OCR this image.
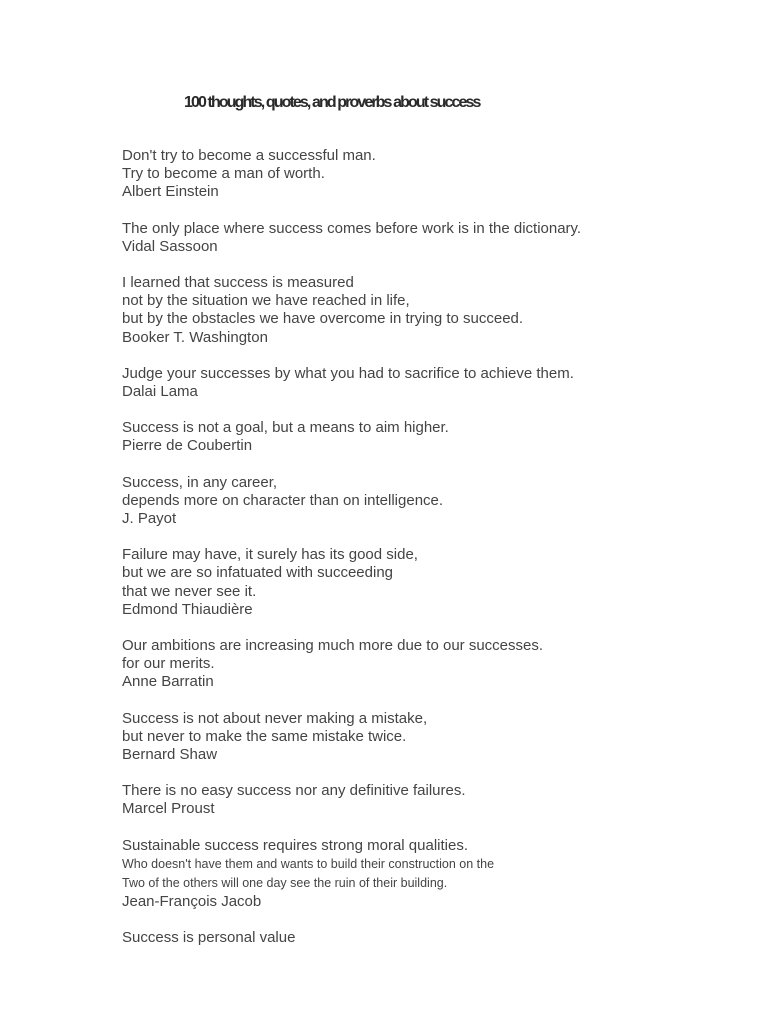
100 thoughts, quotes, and proverbs about success
Don't try to become a successful man.
Try to become a man of worth.
Albert Einstein
The only place where success comes before work is in the dictionary.
Vidal Sassoon
I learned that success is measured
not by the situation we have reached in life,
but by the obstacles we have overcome in trying to succeed.
Booker T. Washington
Judge your successes by what you had to sacrifice to achieve them.
Dalai Lama
Success is not a goal, but a means to aim higher.
Pierre de Coubertin
Success, in any career,
depends more on character than on intelligence.
J. Payot
Failure may have, it surely has its good side,
but we are so infatuated with succeeding
that we never see it.
Edmond Thiaudière
Our ambitions are increasing much more due to our successes.
for our merits.
Anne Barratin
Success is not about never making a mistake,
but never to make the same mistake twice.
Bernard Shaw
There is no easy success nor any definitive failures.
Marcel Proust
Sustainable success requires strong moral qualities.
Who doesn't have them and wants to build their construction on the
Two of the others will one day see the ruin of their building.
Jean-François Jacob
Success is personal value
